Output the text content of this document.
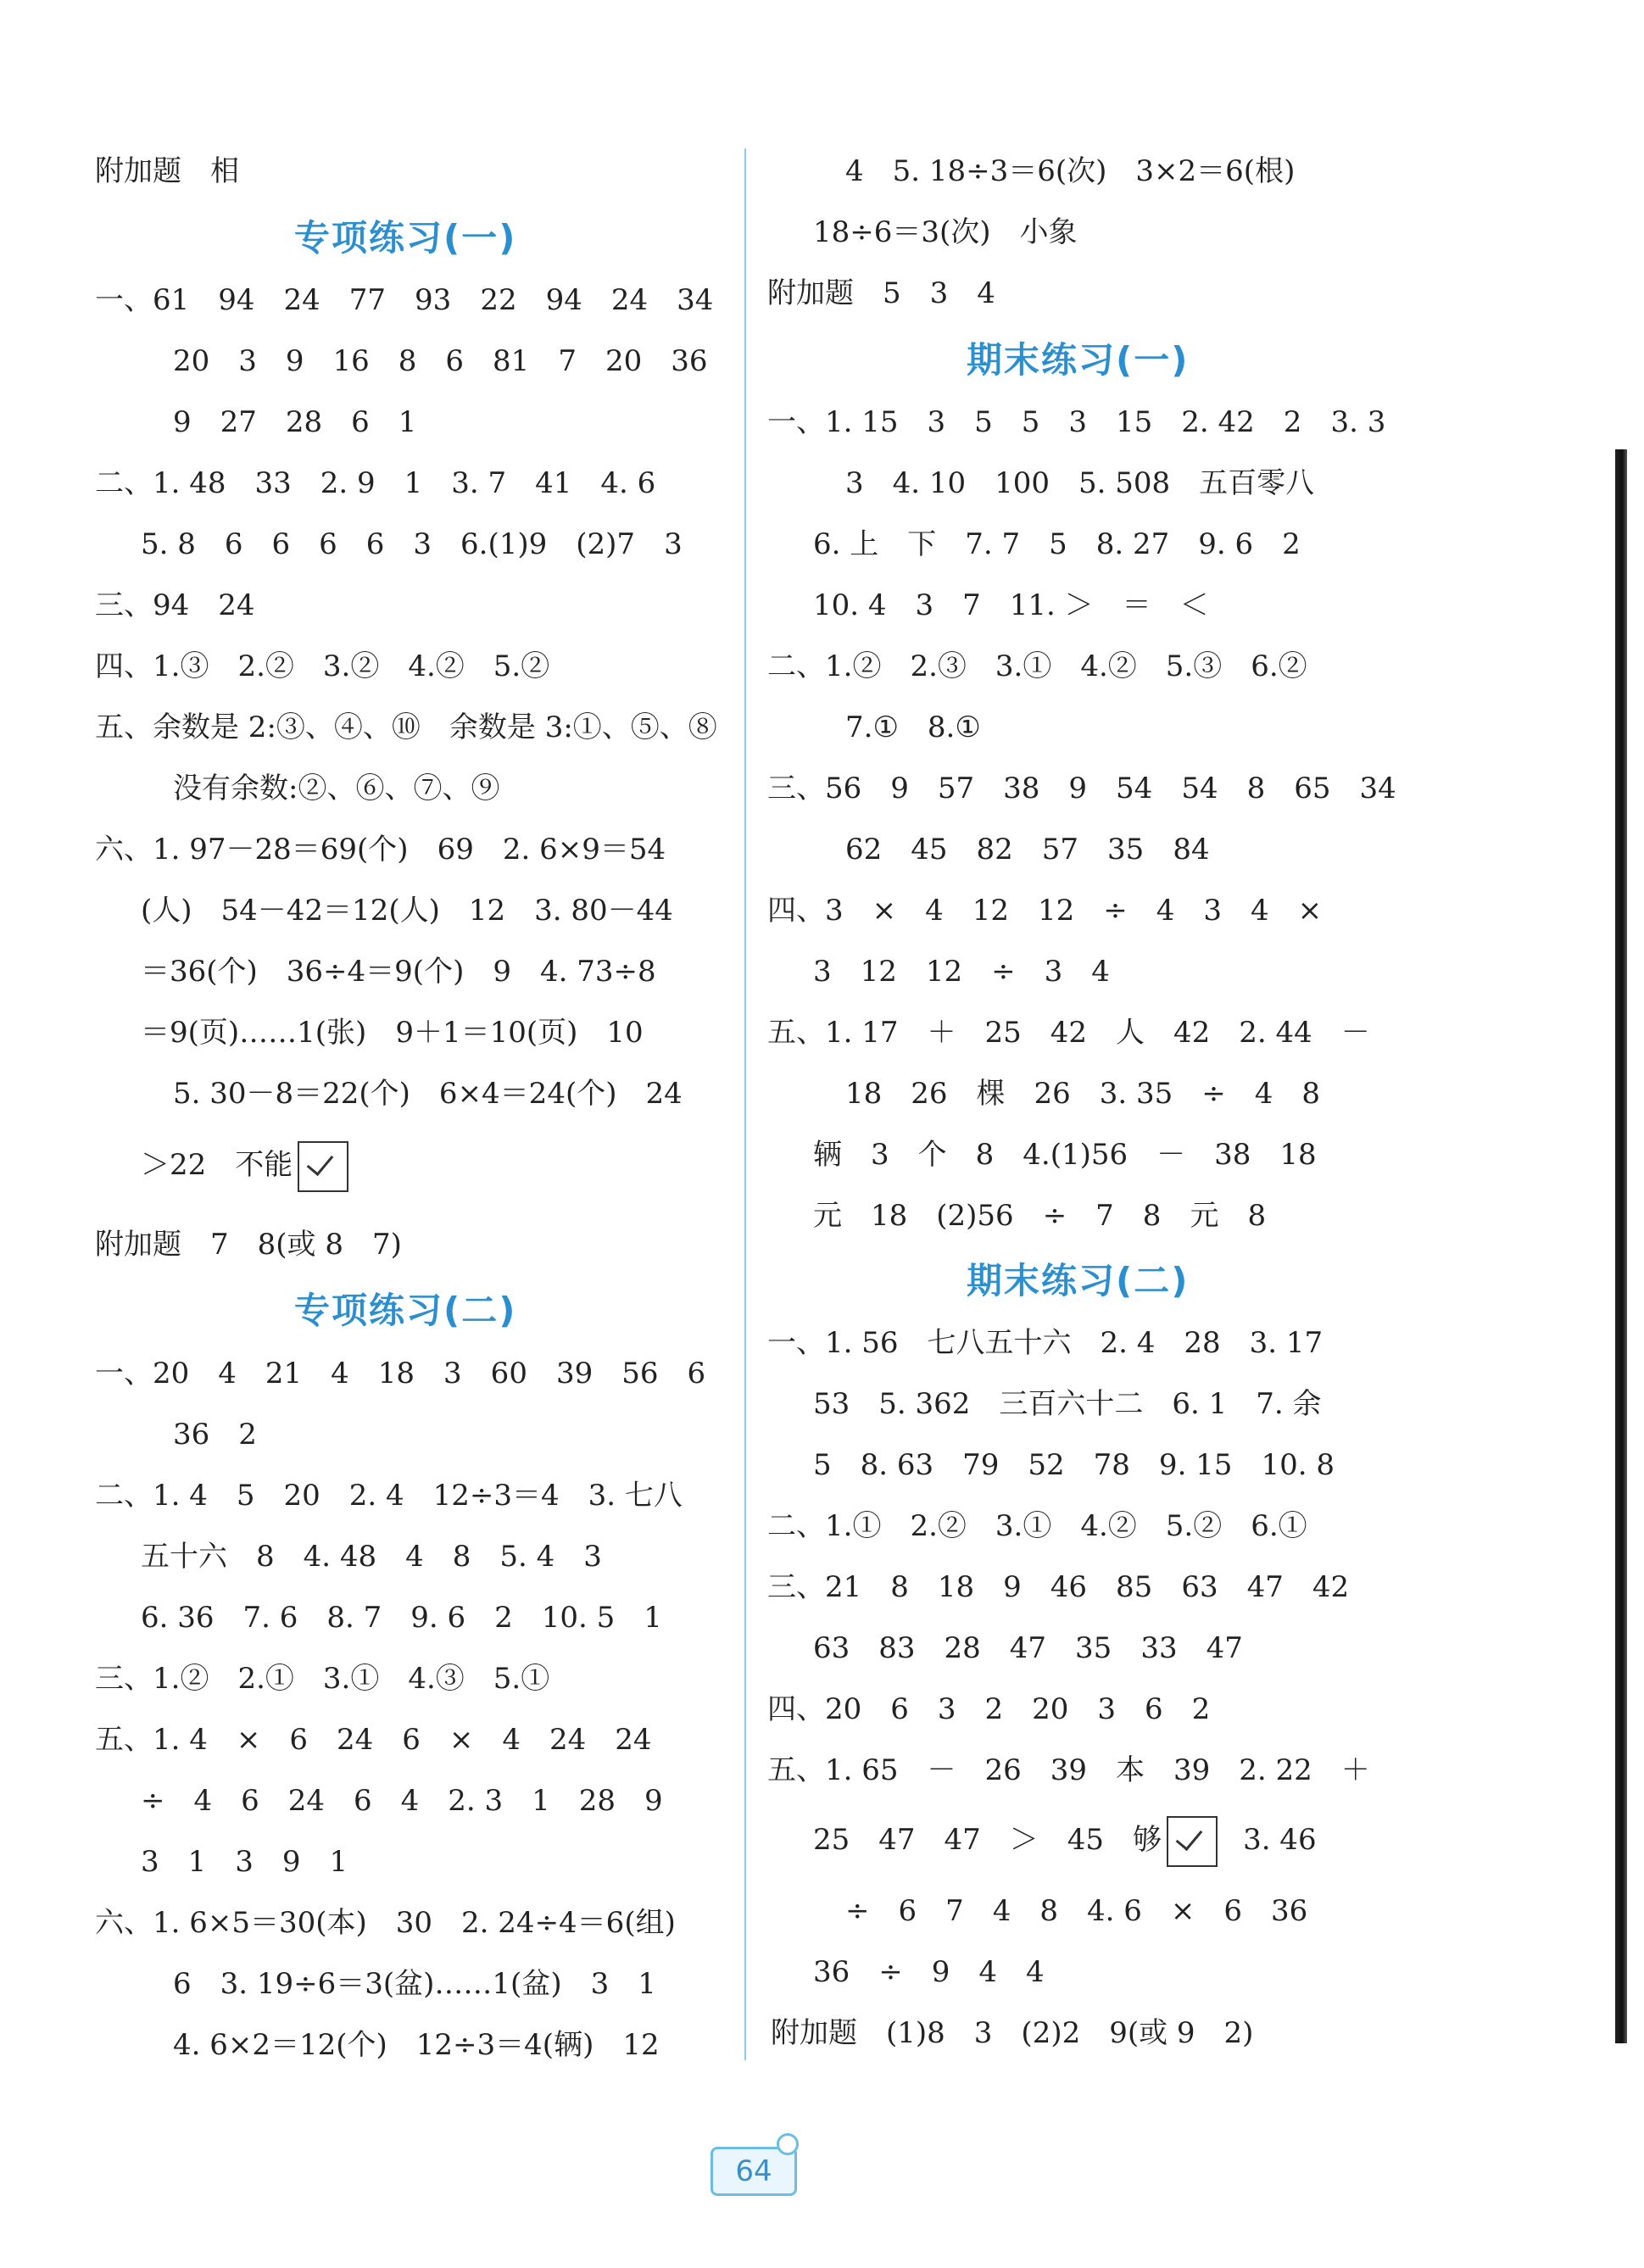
附加题　相
专项练习(一)
一、61　94　24　77　93　22　94　24　34
20　3　9　16　8　6　81　7　20　36
9　27　28　6　1
二、1. 48　33　2. 9　1　3. 7　41　4. 6
5. 8　6　6　6　6　3　6.(1)9　(2)7　3
三、94　24
四、1.③　2.②　3.②　4.②　5.②
五、余数是 2:③、④、⑩　余数是 3:①、⑤、⑧
没有余数:②、⑥、⑦、⑨
六、1. 97－28＝69(个)　69　2. 6×9＝54
(人)　54－42＝12(人)　12　3. 80－44
＝36(个)　36÷4＝9(个)　9　4. 73÷8
＝9(页)……1(张)　9＋1＝10(页)　10
5. 30－8＝22(个)　6×4＝24(个)　24
＞22　不能
附加题　7　8(或 8　7)
专项练习(二)
一、20　4　21　4　18　3　60　39　56　6
36　2
二、1. 4　5　20　2. 4　12÷3＝4　3. 七八
五十六　8　4. 48　4　8　5. 4　3
6. 36　7. 6　8. 7　9. 6　2　10. 5　1
三、1.②　2.①　3.①　4.③　5.①
五、1. 4　×　6　24　6　×　4　24　24
÷　4　6　24　6　4　2. 3　1　28　9
3　1　3　9　1
六、1. 6×5＝30(本)　30　2. 24÷4＝6(组)
6　3. 19÷6＝3(盆)……1(盆)　3　1
4. 6×2＝12(个)　12÷3＝4(辆)　12
4　5. 18÷3＝6(次)　3×2＝6(根)
18÷6＝3(次)　小象
附加题　5　3　4
期末练习(一)
一、1. 15　3　5　5　3　15　2. 42　2　3. 3
3　4. 10　100　5. 508　五百零八
6. 上　下　7. 7　5　8. 27　9. 6　2
10. 4　3　7　11. ＞　＝　＜
二、1.②　2.③　3.①　4.②　5.③　6.②
7.①　8.①
三、56　9　57　38　9　54　54　8　65　34
62　45　82　57　35　84
四、3　×　4　12　12　÷　4　3　4　×
3　12　12　÷　3　4
五、1. 17　＋　25　42　人　42　2. 44　－
18　26　棵　26　3. 35　÷　4　8
辆　3　个　8　4.(1)56　－　38　18
元　18　(2)56　÷　7　8　元　8
期末练习(二)
一、1. 56　七八五十六　2. 4　28　3. 17
53　5. 362　三百六十二　6. 1　7. 余
5　8. 63　79　52　78　9. 15　10. 8
二、1.①　2.②　3.①　4.②　5.②　6.①
三、21　8　18　9　46　85　63　47　42
63　83　28　47　35　33　47
四、20　6　3　2　20　3　6　2
五、1. 65　－　26　39　本　39　2. 22　＋
25　47　47　＞　45　够	3. 46
÷　6　7　4　8　4. 6　×　6　36
36　÷　9　4　4
附加题　(1)8　3　(2)2　9(或 9　2)
64
